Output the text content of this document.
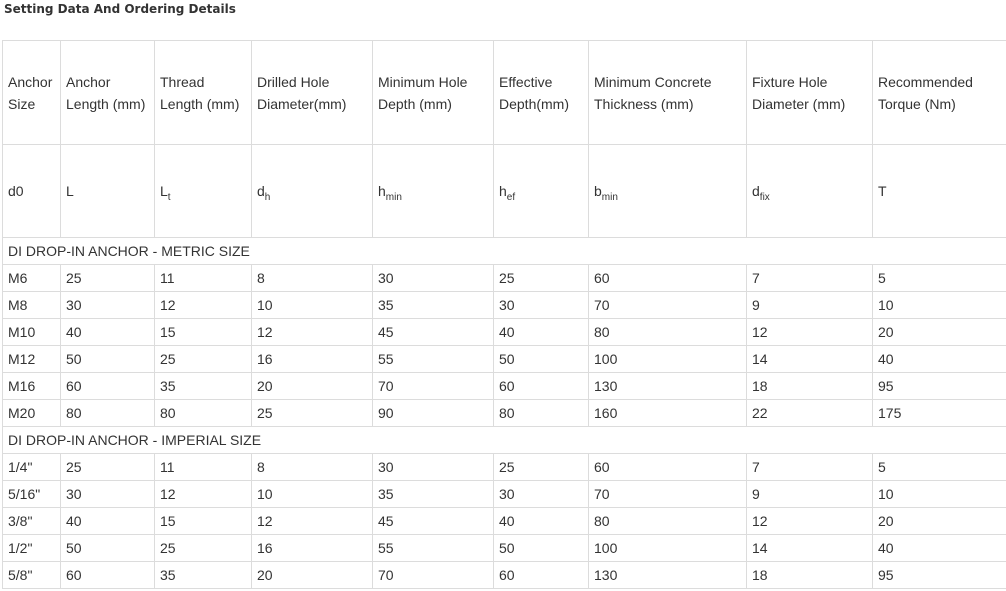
Setting Data And Ordering Details
Anchor Size	Anchor Length (mm)	Thread Length (mm)	Drilled Hole Diameter(mm)	Minimum Hole Depth (mm)	Effective Depth(mm)	Minimum Concrete Thickness (mm)	Fixture Hole Diameter (mm)	Recommended Torque (Nm)
d0	L	$L_t$	$d_h$	$h_{min}$	$h_{ef}$	$b_{min}$	$d_{fix}$	T
DI DROP-IN ANCHOR - METRIC SIZE								
M6	25	11	8	30	25	60	7	5
M8	30	12	10	35	30	70	9	10
M10	40	15	12	45	40	80	12	20
M12	50	25	16	55	50	100	14	40
M16	60	35	20	70	60	130	18	95
M20	80	80	25	90	80	160	22	175
DI DROP-IN ANCHOR - IMPERIAL SIZE								
1/4"	25	11	8	30	25	60	7	5
5/16"	30	12	10	35	30	70	9	10
3/8"	40	15	12	45	40	80	12	20
1/2"	50	25	16	55	50	100	14	40
5/8"	60	35	20	70	60	130	18	95
